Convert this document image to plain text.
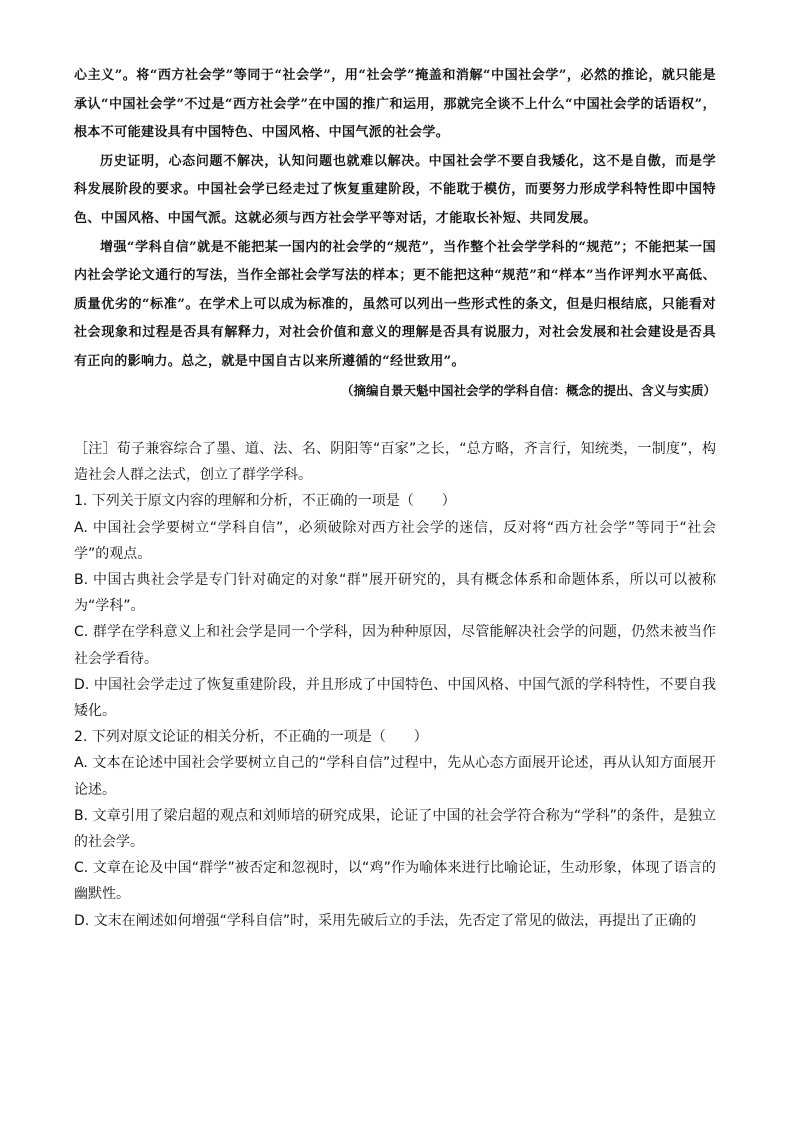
心主义”。将“西方社会学”等同于“社会学”，用“社会学”掩盖和消解“中国社会学”，必然的推论，就只能是承认“中国社会学”不过是“西方社会学”在中国的推广和运用，那就完全谈不上什么“中国社会学的话语权”，根本不可能建设具有中国特色、中国风格、中国气派的社会学。

历史证明，心态问题不解决，认知问题也就难以解决。中国社会学不要自我矮化，这不是自傲，而是学科发展阶段的要求。中国社会学已经走过了恢复重建阶段，不能耽于模仿，而要努力形成学科特性即中国特色、中国风格、中国气派。这就必须与西方社会学平等对话，才能取长补短、共同发展。

增强“学科自信”就是不能把某一国内的社会学的“规范”，当作整个社会学学科的“规范”；不能把某一国内社会学论文通行的写法，当作全部社会学写法的样本；更不能把这种“规范”和“样本”当作评判水平高低、质量优劣的“标准”。在学术上可以成为标准的，虽然可以列出一些形式性的条文，但是归根结底，只能看对社会现象和过程是否具有解释力，对社会价值和意义的理解是否具有说服力，对社会发展和社会建设是否具有正向的影响力。总之，就是中国自古以来所遵循的“经世致用”。

（摘编自景天魁中国社会学的学科自信：概念的提出、含义与实质）

［注］荀子兼容综合了墨、道、法、名、阴阳等“百家”之长，“总方略，齐言行，知统类，一制度”，构造社会人群之法式，创立了群学学科。

1. 下列关于原文内容的理解和分析，不正确的一项是（　　）

A. 中国社会学要树立“学科自信”，必须破除对西方社会学的迷信，反对将“西方社会学”等同于“社会学”的观点。

B. 中国古典社会学是专门针对确定的对象“群”展开研究的，具有概念体系和命题体系，所以可以被称为“学科”。

C. 群学在学科意义上和社会学是同一个学科，因为种种原因，尽管能解决社会学的问题，仍然未被当作社会学看待。

D. 中国社会学走过了恢复重建阶段，并且形成了中国特色、中国风格、中国气派的学科特性，不要自我矮化。

2. 下列对原文论证的相关分析，不正确的一项是（　　）

A. 文本在论述中国社会学要树立自己的“学科自信”过程中，先从心态方面展开论述，再从认知方面展开论述。

B. 文章引用了梁启超的观点和刘师培的研究成果，论证了中国的社会学符合称为“学科”的条件，是独立的社会学。

C. 文章在论及中国“群学”被否定和忽视时，以“鸡”作为喻体来进行比喻论证，生动形象，体现了语言的幽默性。

D. 文末在阐述如何增强“学科自信”时，采用先破后立的手法，先否定了常见的做法，再提出了正确的
